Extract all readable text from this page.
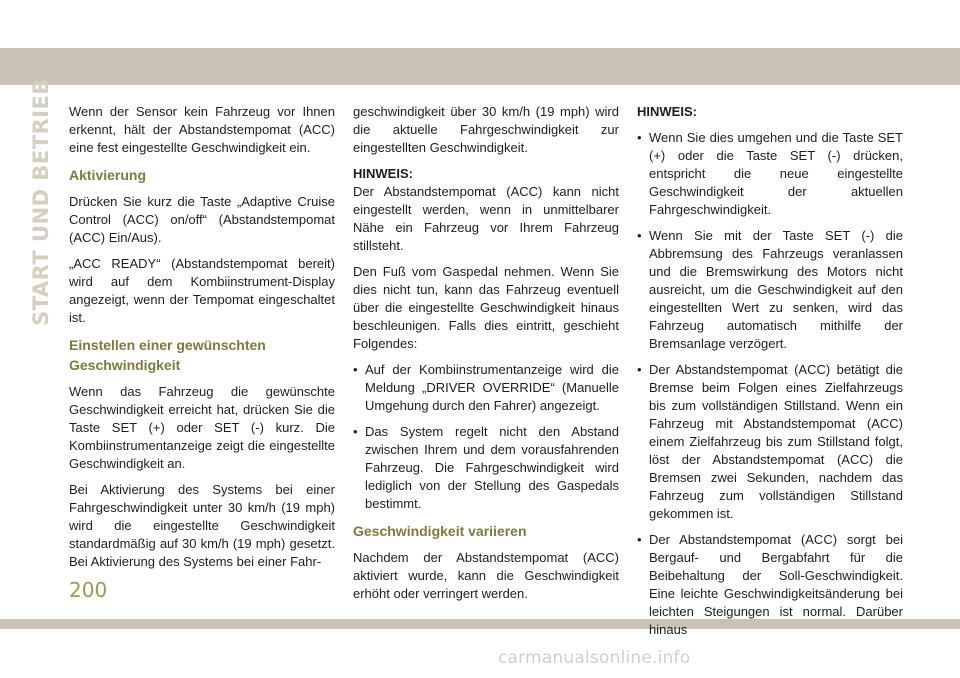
START UND BETRIEB Wenn der Sensor kein Fahrzeug vor Ihnen erkennt, hält der Abstandstempomat (ACC) eine fest eingestellte Geschwindigkeit ein.

Aktivierung

Drücken Sie kurz die Taste „Adaptive Cruise Control (ACC) on/off“ (Abstandstempomat (ACC) Ein/Aus).

„ACC READY“ (Abstandstempomat bereit) wird auf dem Kombiinstrument-Display angezeigt, wenn der Tempomat eingeschaltet ist.

Einstellen einer gewünschten Geschwindigkeit

Wenn das Fahrzeug die gewünschte Geschwindigkeit erreicht hat, drücken Sie die Taste SET (+) oder SET (-) kurz. Die Kombiinstrumentanzeige zeigt die eingestellte Geschwindigkeit an.

Bei Aktivierung des Systems bei einer Fahrgeschwindigkeit unter 30 km/h (19 mph) wird die eingestellte Geschwindigkeit standardmäßig auf 30 km/h (19 mph) gesetzt. Bei Aktivierung des Systems bei einer Fahr-

geschwindigkeit über 30 km/h (19 mph) wird die aktuelle Fahrgeschwindigkeit zur eingestellten Geschwindigkeit.

HINWEIS:

Der Abstandstempomat (ACC) kann nicht eingestellt werden, wenn in unmittelbarer Nähe ein Fahrzeug vor Ihrem Fahrzeug stillsteht.

Den Fuß vom Gaspedal nehmen. Wenn Sie dies nicht tun, kann das Fahrzeug eventuell über die eingestellte Geschwindigkeit hinaus beschleunigen. Falls dies eintritt, geschieht Folgendes:

• Auf der Kombiinstrumentanzeige wird die Meldung „DRIVER OVERRIDE“ (Manuelle Umgehung durch den Fahrer) angezeigt.
• Das System regelt nicht den Abstand zwischen Ihrem und dem vorausfahrenden Fahrzeug. Die Fahrgeschwindigkeit wird lediglich von der Stellung des Gaspedals bestimmt.
Geschwindigkeit variieren

Nachdem der Abstandstempomat (ACC) aktiviert wurde, kann die Geschwindigkeit erhöht oder verringert werden.

HINWEIS:
• Wenn Sie dies umgehen und die Taste SET (+) oder die Taste SET (-) drücken, entspricht die neue eingestellte Geschwindigkeit der aktuellen Fahrgeschwindigkeit.
• Wenn Sie mit der Taste SET (-) die Abbremsung des Fahrzeugs veranlassen und die Bremswirkung des Motors nicht ausreicht, um die Geschwindigkeit auf den eingestellten Wert zu senken, wird das Fahrzeug automatisch mithilfe der Bremsanlage verzögert.
• Der Abstandstempomat (ACC) betätigt die Bremse beim Folgen eines Zielfahrzeugs bis zum vollständigen Stillstand. Wenn ein Fahrzeug mit Abstandstempomat (ACC) einem Zielfahrzeug bis zum Stillstand folgt, löst der Abstandstempomat (ACC) die Bremsen zwei Sekunden, nachdem das Fahrzeug zum vollständigen Stillstand gekommen ist.
• Der Abstandstempomat (ACC) sorgt bei Bergauf- und Bergabfahrt für die Beibehaltung der Soll-Geschwindigkeit. Eine leichte Geschwindigkeitsänderung bei leichten Steigungen ist normal. Darüber hinaus
200
carmanualsonline.info
